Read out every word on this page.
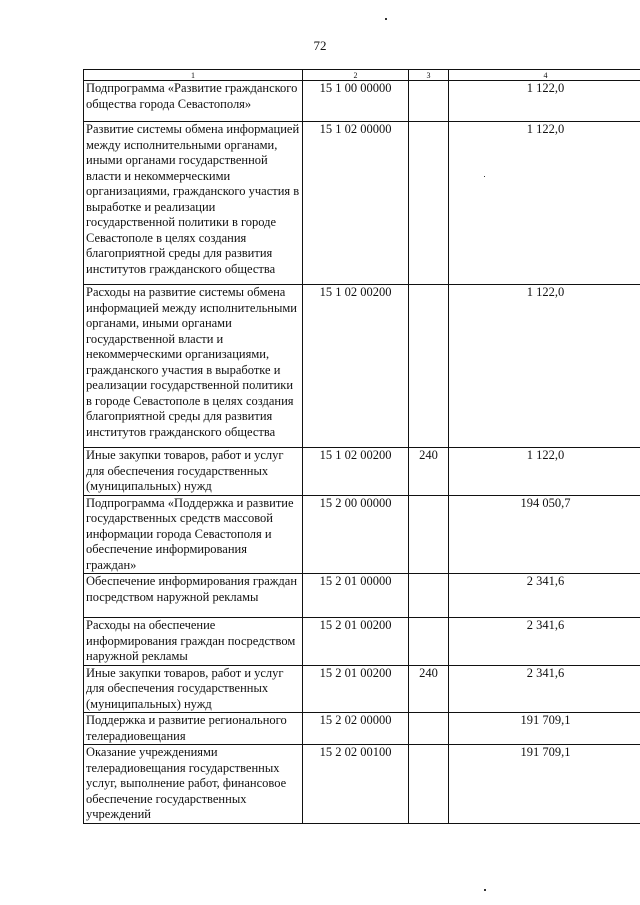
72
1	2	3	4
Подпрограмма «Развитие гражданского общества города Севастополя»	15 1 00 00000		1 122,0
Развитие системы обмена информацией между исполнительными органами, иными органами государственной власти и некоммерческими организациями, гражданского участия в выработке и реализации государственной политики в городе Севастополе в целях создания благоприятной среды для развития институтов гражданского общества	15 1 02 00000		1 122,0
Расходы на развитие системы обмена информацией между исполнительными органами, иными органами государственной власти и некоммерческими организациями, гражданского участия в выработке и реализации государственной политики в городе Севастополе в целях создания благоприятной среды для развития институтов гражданского общества	15 1 02 00200		1 122,0
Иные закупки товаров, работ и услуг для обеспечения государственных (муниципальных) нужд	15 1 02 00200	240	1 122,0
Подпрограмма «Поддержка и развитие государственных средств массовой информации города Севастополя и обеспечение информирования граждан»	15 2 00 00000		194 050,7
Обеспечение информирования граждан посредством наружной рекламы	15 2 01 00000		2 341,6
Расходы на обеспечение информирования граждан посредством наружной рекламы	15 2 01 00200		2 341,6
Иные закупки товаров, работ и услуг для обеспечения государственных (муниципальных) нужд	15 2 01 00200	240	2 341,6
Поддержка и развитие регионального телерадиовещания	15 2 02 00000		191 709,1
Оказание учреждениями телерадиовещания государственных услуг, выполнение работ, финансовое обеспечение государственных учреждений	15 2 02 00100		191 709,1
